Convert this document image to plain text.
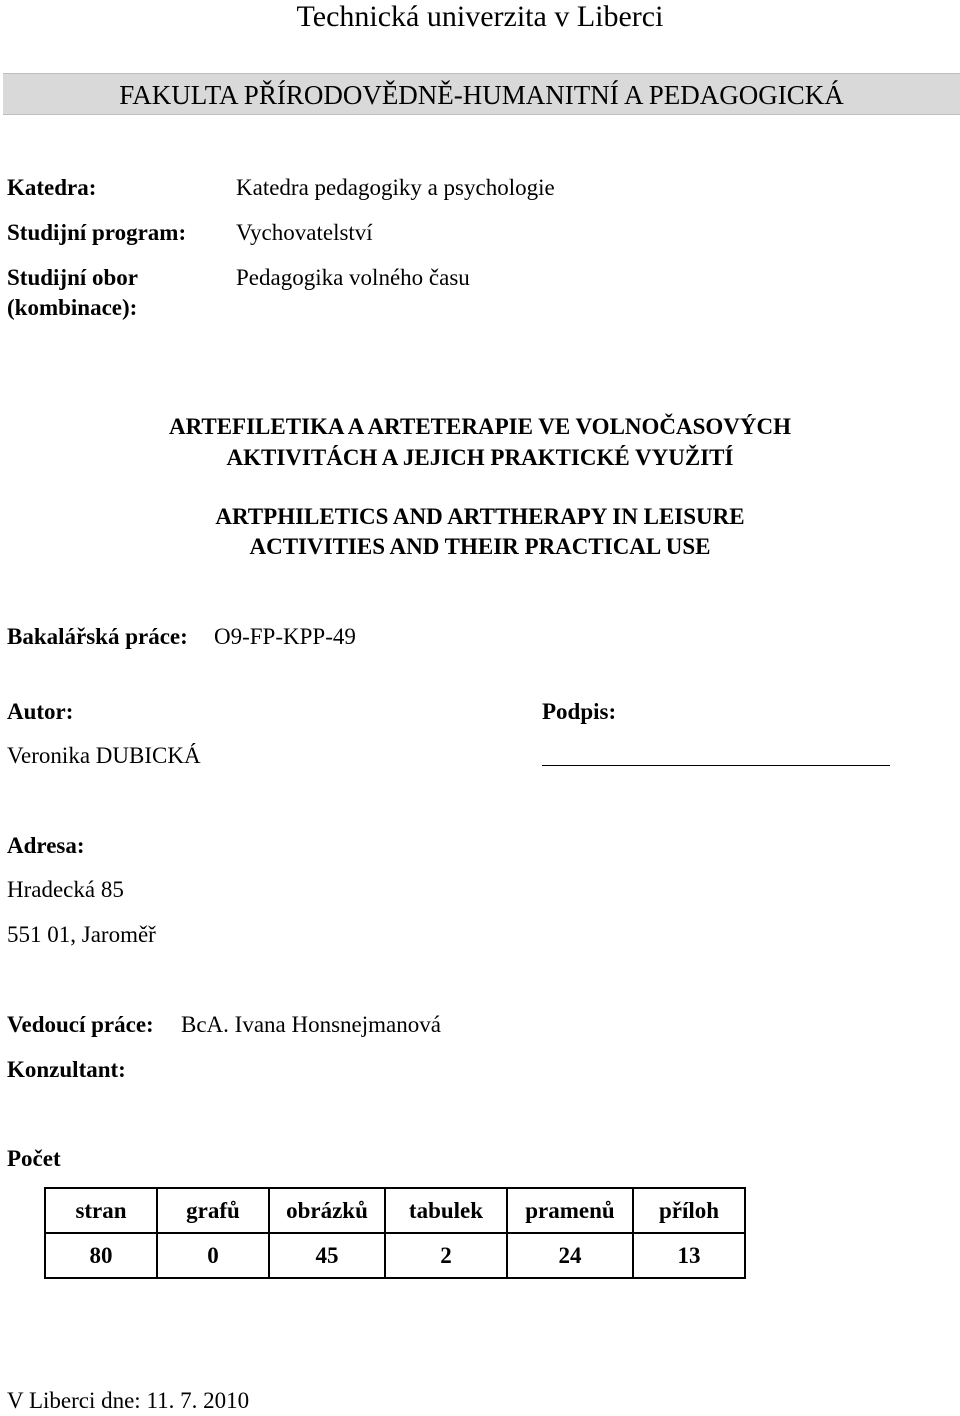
Technická univerzita v Liberci
FAKULTA PŘÍRODOVĚDNĚ-HUMANITNÍ A PEDAGOGICKÁ
Katedra:	Katedra pedagogiky a psychologie
Studijní program: Vychovatelství
Studijní obor
(kombinace):
Pedagogika volného času
ARTEFILETIKA A ARTETERAPIE VE VOLNOČASOVÝCH
AKTIVITÁCH A JEJICH PRAKTICKÉ VYUŽITÍ
ARTPHILETICS AND ARTTHERAPY IN LEISURE
ACTIVITIES AND THEIR PRACTICAL USE
Bakalářská práce: O9-FP-KPP-49
Autor:
Veronika DUBICKÁ
Podpis:
Adresa:
Hradecká 85
551 01, Jaroměř
Vedoucí práce: BcA. Ivana Honsnejmanová
Konzultant:
Počet
stran	grafů	obrázků	tabulek	pramenů	příloh
80	0	45	2	24	13
V Liberci dne: 11. 7. 2010
